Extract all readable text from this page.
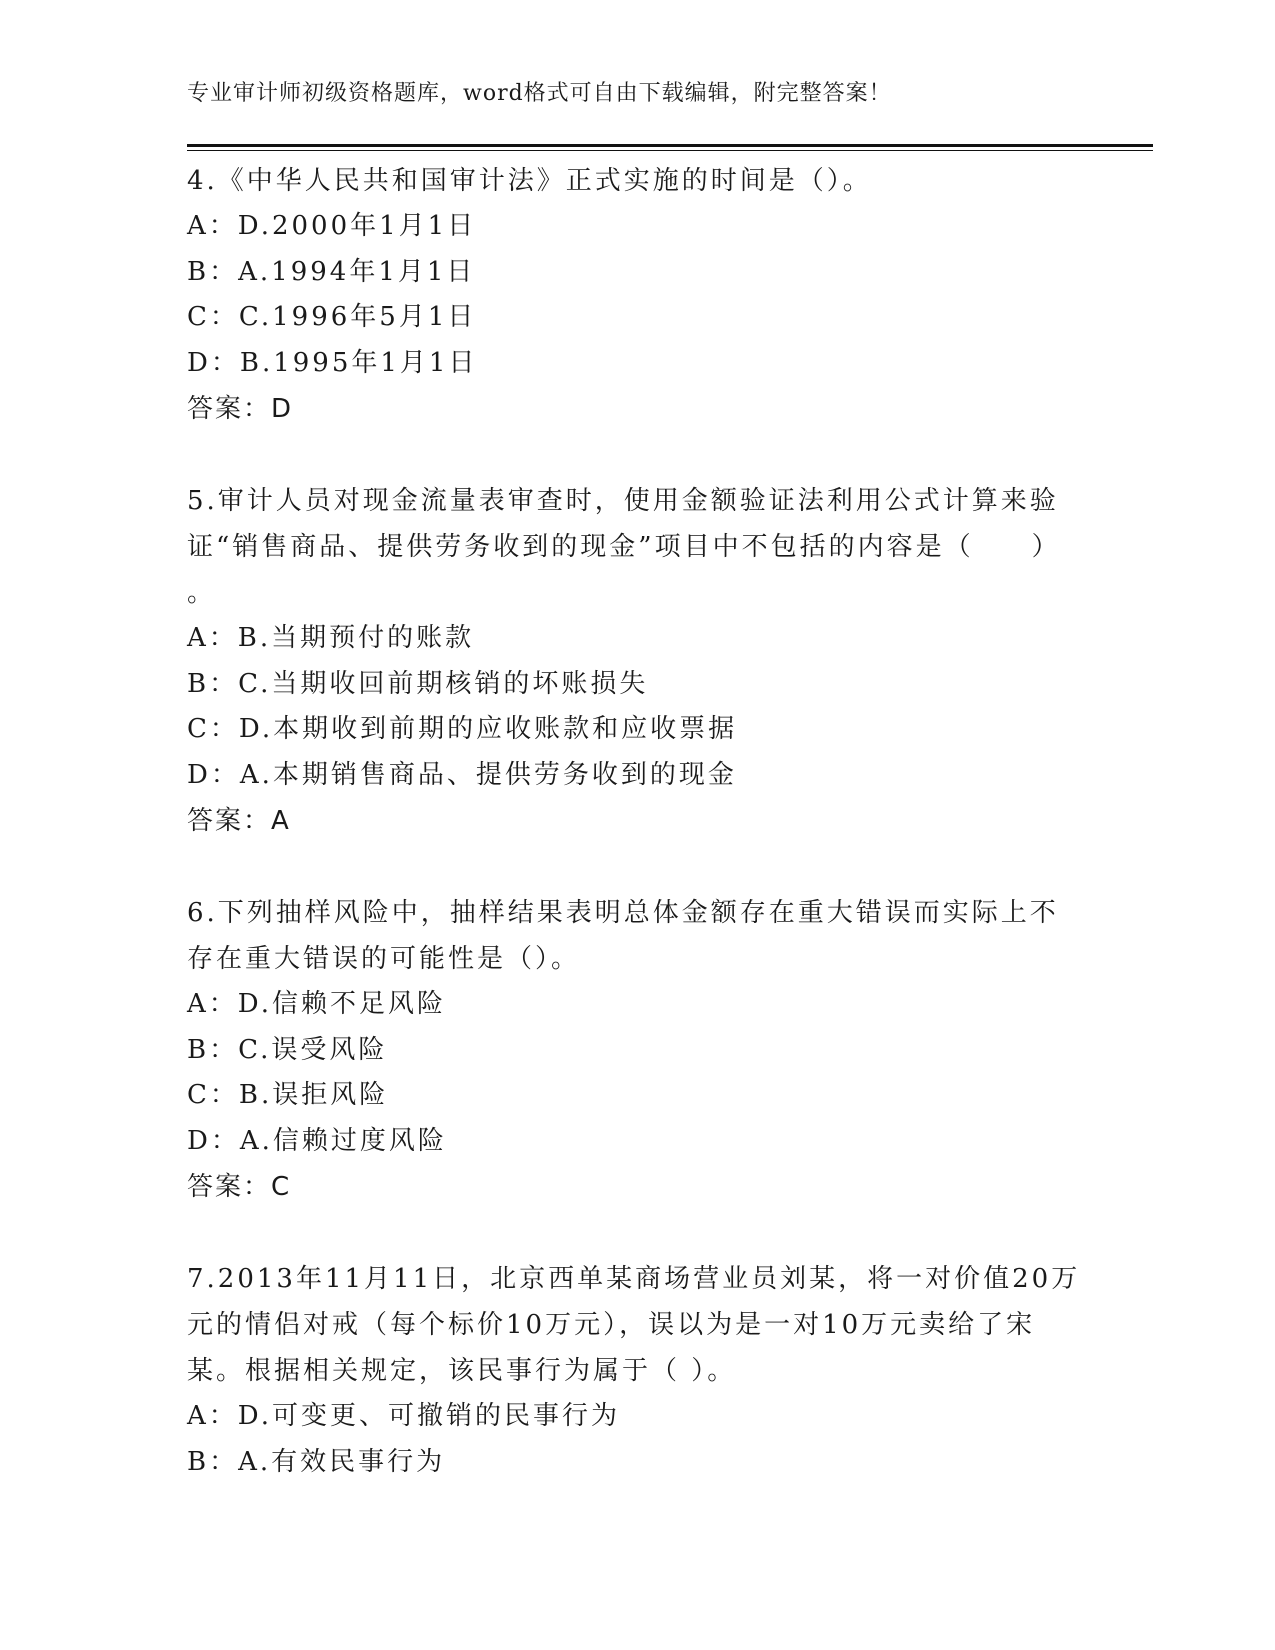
专业审计师初级资格题库，word格式可自由下载编辑，附完整答案！
4.《中华人民共和国审计法》正式实施的时间是（）。
A：D.2000年1月1日
B：A.1994年1月1日
C：C.1996年5月1日
D：B.1995年1月1日
答案：D
5.审计人员对现金流量表审查时，使用金额验证法利用公式计算来验
证“销售商品、提供劳务收到的现金”项目中不包括的内容是（　　）
。
A：B.当期预付的账款
B：C.当期收回前期核销的坏账损失
C：D.本期收到前期的应收账款和应收票据
D：A.本期销售商品、提供劳务收到的现金
答案：A
6.下列抽样风险中，抽样结果表明总体金额存在重大错误而实际上不
存在重大错误的可能性是（）。
A：D.信赖不足风险
B：C.误受风险
C：B.误拒风险
D：A.信赖过度风险
答案：C
7.2013年11月11日，北京西单某商场营业员刘某，将一对价值20万
元的情侣对戒（每个标价10万元），误以为是一对10万元卖给了宋
某。根据相关规定，该民事行为属于（ ）。
A：D.可变更、可撤销的民事行为
B：A.有效民事行为
